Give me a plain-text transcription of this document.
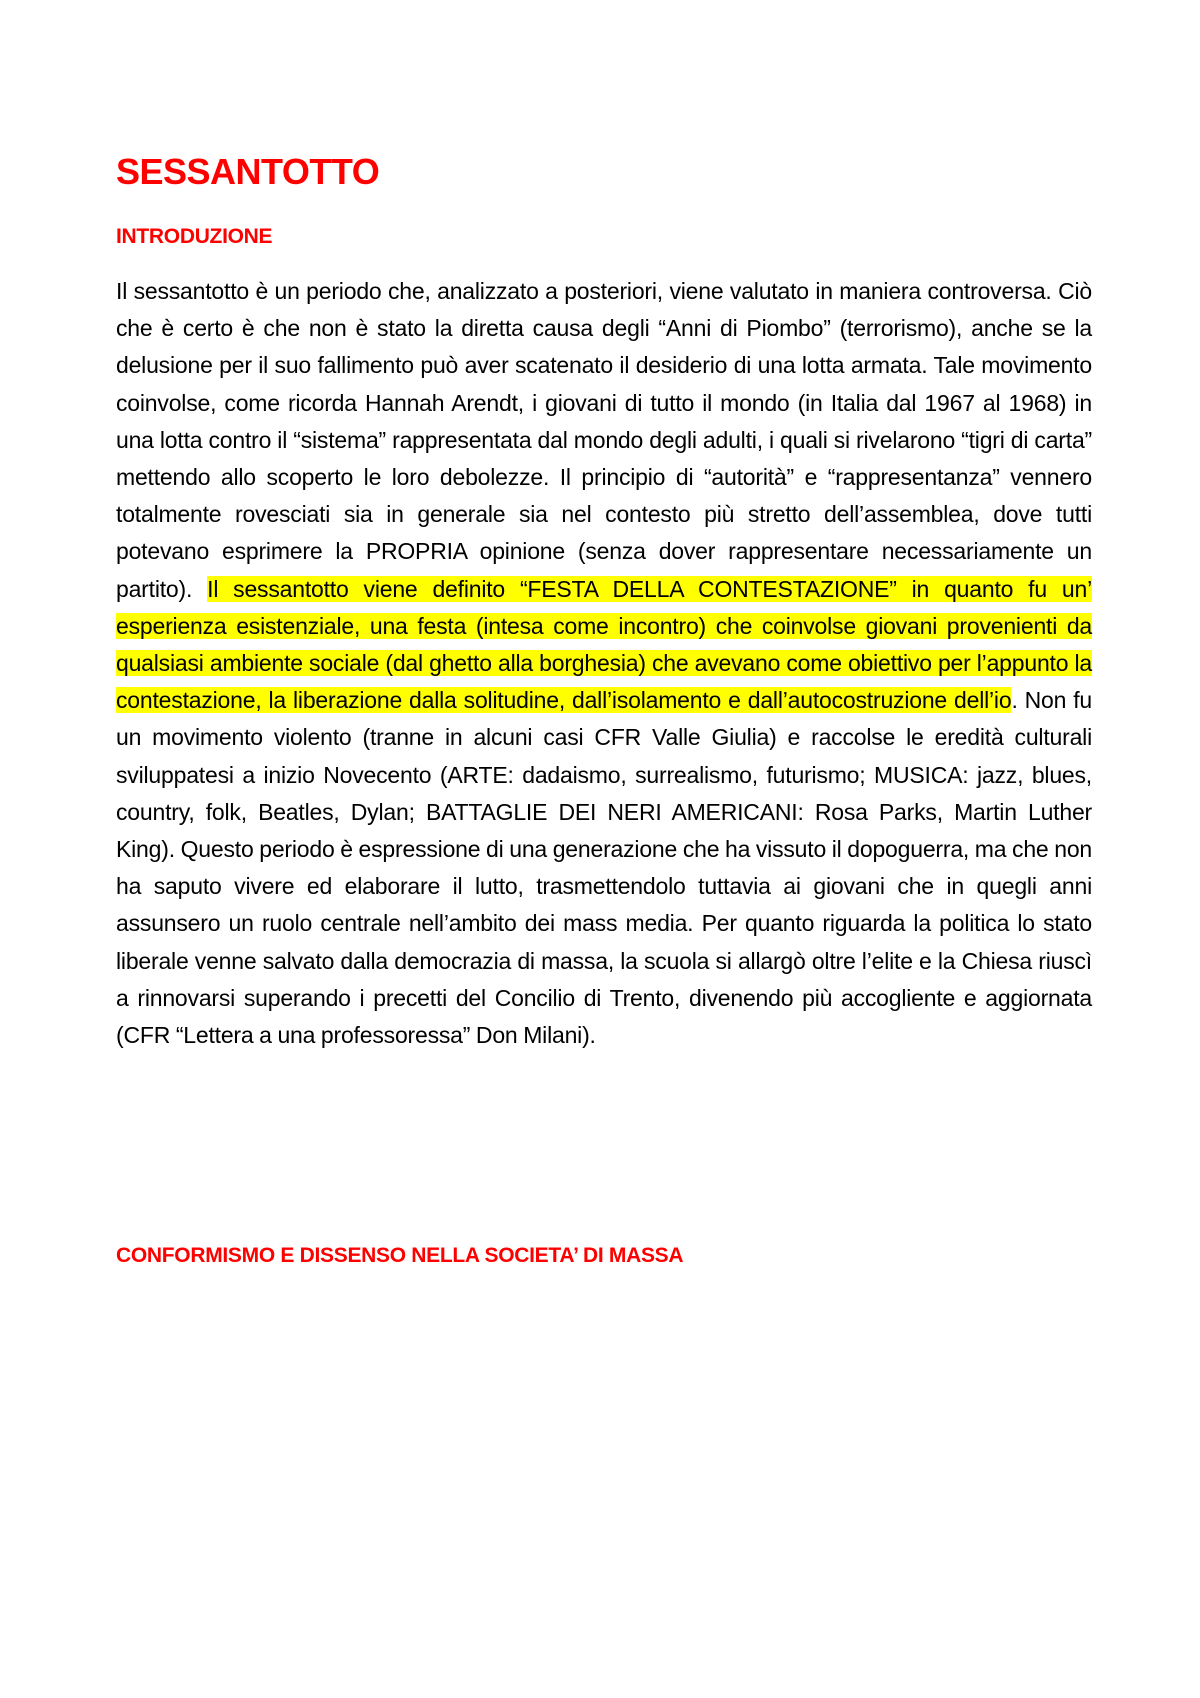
SESSANTOTTO
INTRODUZIONE

Il sessantotto è un periodo che, analizzato a posteriori, viene valutato in maniera controversa. Ciò che è certo è che non è stato la diretta causa degli “Anni di Piombo” (terrorismo), anche se la delusione per il suo fallimento può aver scatenato il desiderio di una lotta armata. Tale movimento coinvolse, come ricorda Hannah Arendt, i giovani di tutto il mondo (in Italia dal 1967 al 1968) in una lotta contro il “sistema” rappresentata dal mondo degli adulti, i quali si rivelarono “tigri di carta” mettendo allo scoperto le loro debolezze. Il principio di “autorità” e “rappresentanza” vennero totalmente rovesciati sia in generale sia nel contesto più stretto dell’assemblea, dove tutti potevano esprimere la PROPRIA opinione (senza dover rappresentare necessariamente un partito). Il sessantotto viene definito “FESTA DELLA CONTESTAZIONE” in quanto fu un’ esperienza esistenziale, una festa (intesa come incontro) che coinvolse giovani provenienti da qualsiasi ambiente sociale (dal ghetto alla borghesia) che avevano come obiettivo per l’appunto la contestazione, la liberazione dalla solitudine, dall’isolamento e dall’autocostruzione dell’io. Non fu un movimento violento (tranne in alcuni casi CFR Valle Giulia) e raccolse le eredità culturali sviluppatesi a inizio Novecento (ARTE: dadaismo, surrealismo, futurismo; MUSICA: jazz, blues, country, folk, Beatles, Dylan; BATTAGLIE DEI NERI AMERICANI: Rosa Parks, Martin Luther King). Questo periodo è espressione di una generazione che ha vissuto il dopoguerra, ma che non ha saputo vivere ed elaborare il lutto, trasmettendolo tuttavia ai giovani che in quegli anni assunsero un ruolo centrale nell’ambito dei mass media. Per quanto riguarda la politica lo stato liberale venne salvato dalla democrazia di massa, la scuola si allargò oltre l’elite e la Chiesa riuscì a rinnovarsi superando i precetti del Concilio di Trento, divenendo più accogliente e aggiornata (CFR “Lettera a una professoressa” Don Milani).

CONFORMISMO E DISSENSO NELLA SOCIETA’ DI MASSA
